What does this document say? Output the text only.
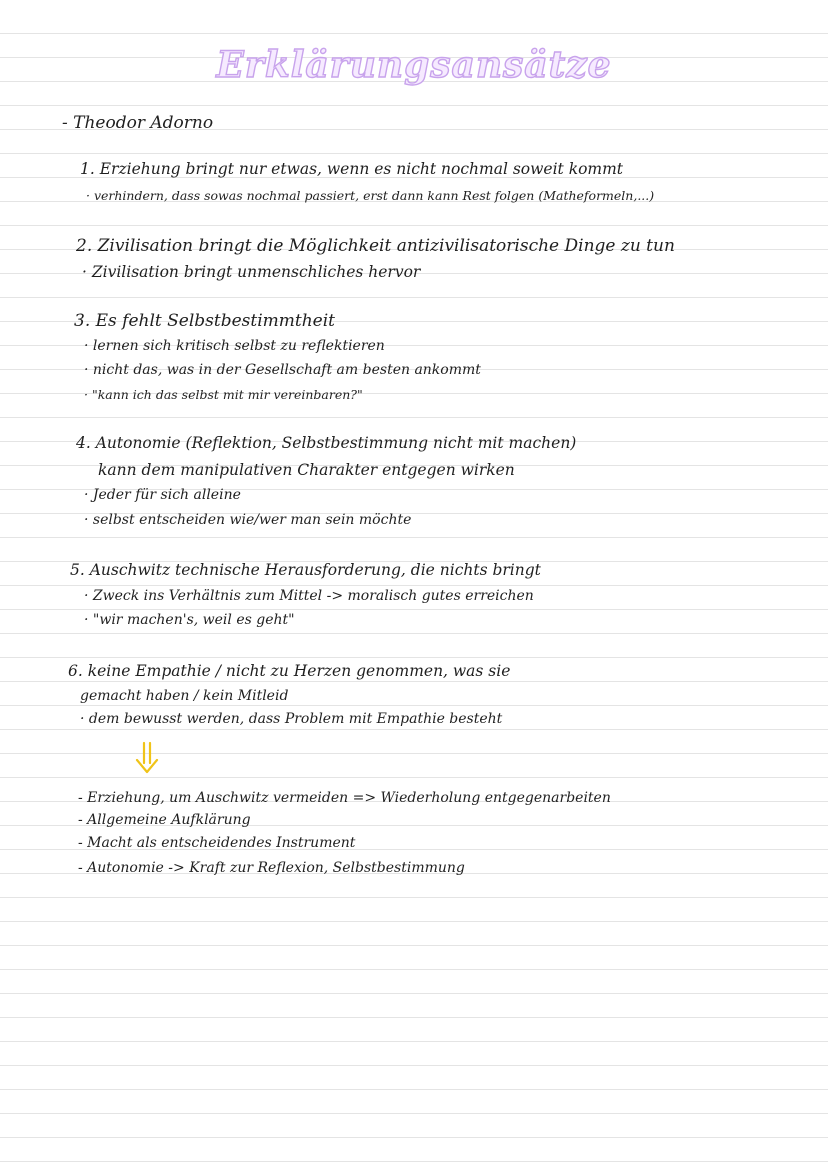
Erklärungsansätze
- Theodor Adorno
1. Erziehung bringt nur etwas, wenn es nicht nochmal soweit kommt
· verhindern, dass sowas nochmal passiert, erst dann kann Rest folgen (Matheformeln,...)
2. Zivilisation bringt die Möglichkeit antizivilisatorische Dinge zu tun
· Zivilisation bringt unmenschliches hervor
3. Es fehlt Selbstbestimmtheit
· lernen sich kritisch selbst zu reflektieren
· nicht das, was in der Gesellschaft am besten ankommt
· "kann ich das selbst mit mir vereinbaren?"
4. Autonomie (Reflektion, Selbstbestimmung nicht mit machen)
kann dem manipulativen Charakter entgegen wirken
· Jeder für sich alleine
· selbst entscheiden wie/wer man sein möchte
5. Auschwitz technische Herausforderung, die nichts bringt
· Zweck ins Verhältnis zum Mittel -> moralisch gutes erreichen
· "wir machen's, weil es geht"
6. keine Empathie / nicht zu Herzen genommen, was sie
gemacht haben / kein Mitleid
· dem bewusst werden, dass Problem mit Empathie besteht
- Erziehung, um Auschwitz vermeiden => Wiederholung entgegenarbeiten
- Allgemeine Aufklärung
- Macht als entscheidendes Instrument
- Autonomie -> Kraft zur Reflexion, Selbstbestimmung
